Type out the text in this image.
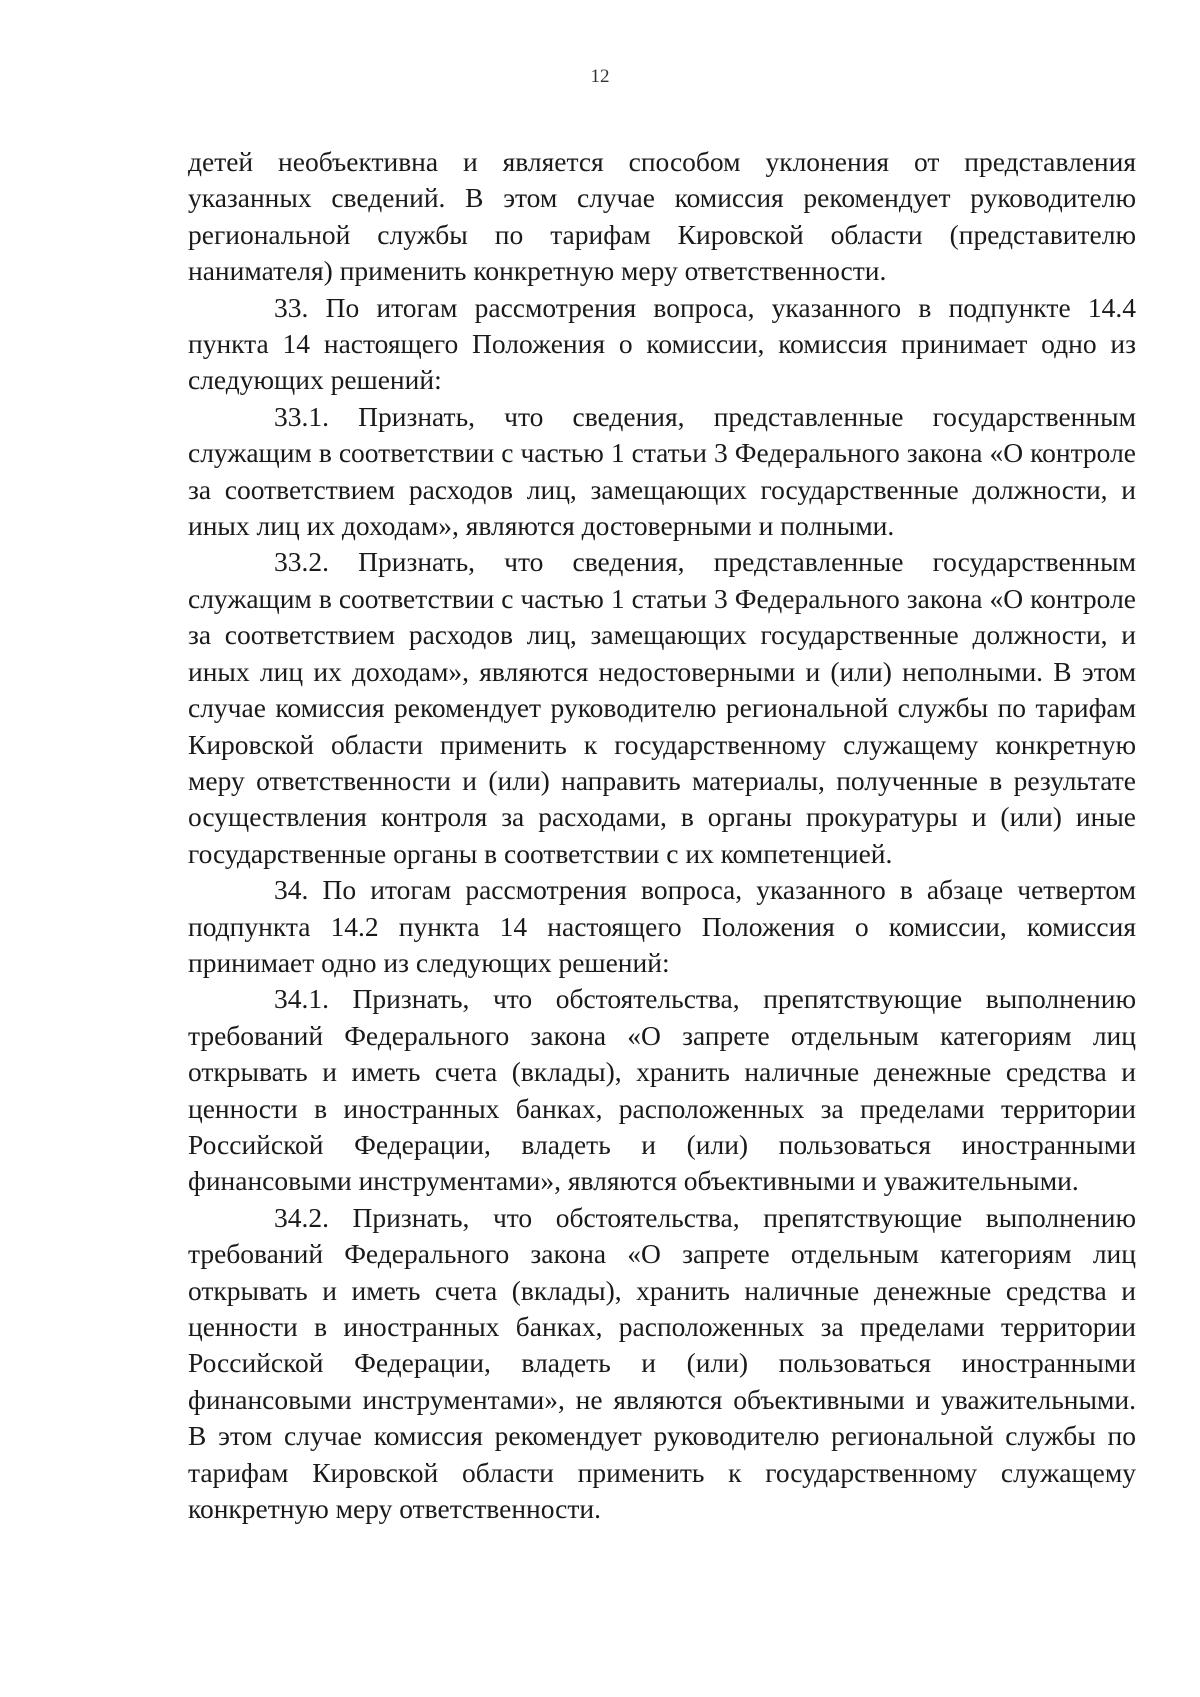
12

детей необъективна и является способом уклонения от представления указанных сведений. В этом случае комиссия рекомендует руководителю региональной службы по тарифам Кировской области (представителю нанимателя) применить конкретную меру ответственности.

33. По итогам рассмотрения вопроса, указанного в подпункте 14.4 пункта 14 настоящего Положения о комиссии, комиссия принимает одно из следующих решений:

33.1. Признать, что сведения, представленные государственным служащим в соответствии с частью 1 статьи 3 Федерального закона «О контроле за соответствием расходов лиц, замещающих государственные должности, и иных лиц их доходам», являются достоверными и полными.

33.2. Признать, что сведения, представленные государственным служащим в соответствии с частью 1 статьи 3 Федерального закона «О контроле за соответствием расходов лиц, замещающих государственные должности, и иных лиц их доходам», являются недостоверными и (или) неполными. В этом случае комиссия рекомендует руководителю региональной службы по тарифам Кировской области применить к государственному служащему конкретную меру ответственности и (или) направить материалы, полученные в результате осуществления контроля за расходами, в органы прокуратуры и (или) иные государственные органы в соответствии с их компетенцией.

34. По итогам рассмотрения вопроса, указанного в абзаце четвертом подпункта 14.2 пункта 14 настоящего Положения о комиссии, комиссия принимает одно из следующих решений:

34.1. Признать, что обстоятельства, препятствующие выполнению требований Федерального закона «О запрете отдельным категориям лиц открывать и иметь счета (вклады), хранить наличные денежные средства и ценности в иностранных банках, расположенных за пределами территории Российской Федерации, владеть и (или) пользоваться иностранными финансовыми инструментами», являются объективными и уважительными.

34.2. Признать, что обстоятельства, препятствующие выполнению требований Федерального закона «О запрете отдельным категориям лиц открывать и иметь счета (вклады), хранить наличные денежные средства и ценности в иностранных банках, расположенных за пределами территории Российской Федерации, владеть и (или) пользоваться иностранными финансовыми инструментами», не являются объективными и уважительными. В этом случае комиссия рекомендует руководителю региональной службы по тарифам Кировской области применить к государственному служащему конкретную меру ответственности.
